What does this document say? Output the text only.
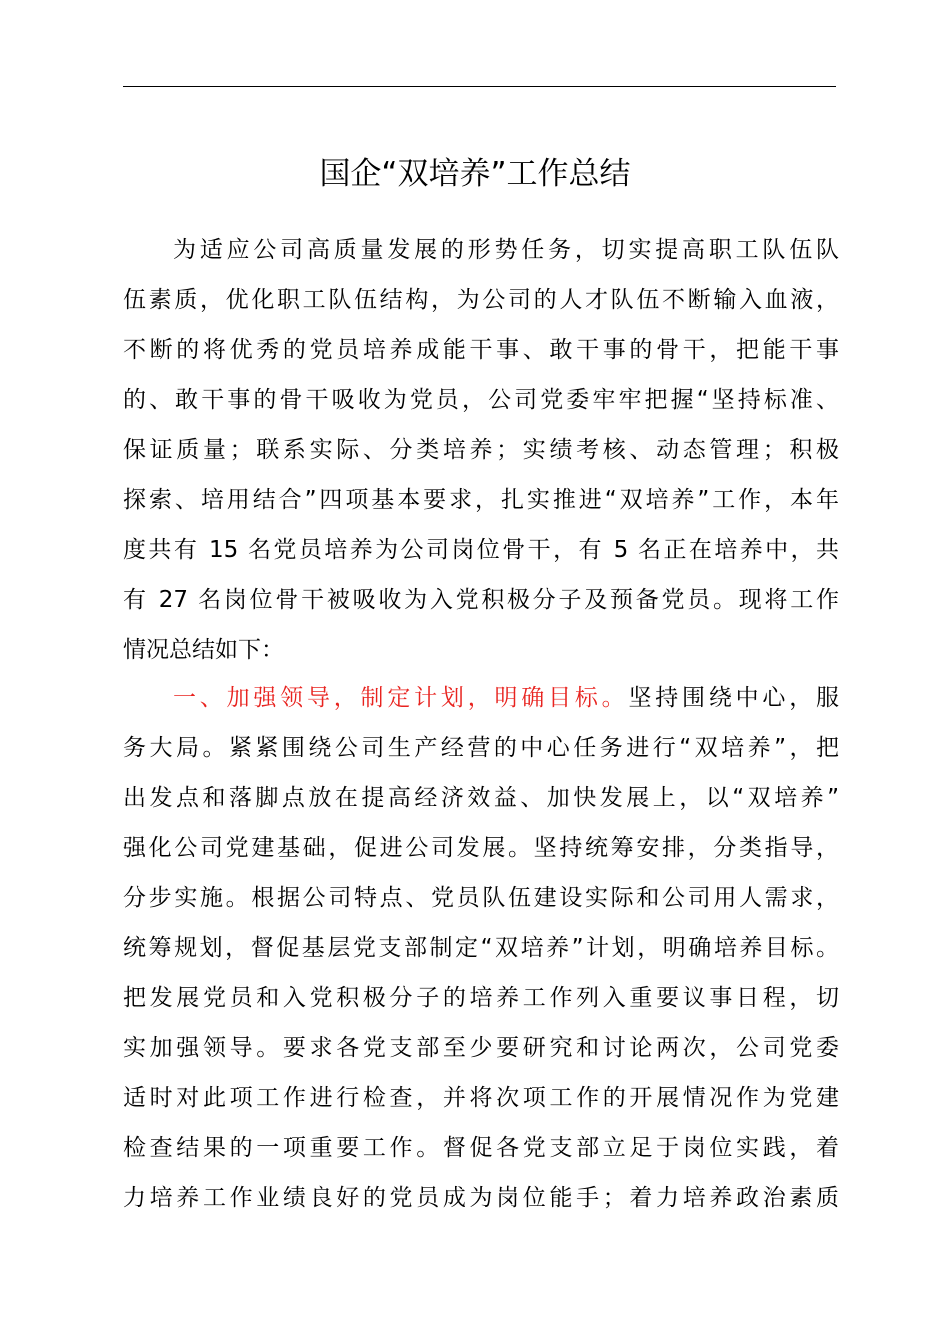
国企“双培养”工作总结
为适应公司高质量发展的形势任务，切实提高职工队伍队
伍素质，优化职工队伍结构，为公司的人才队伍不断输入血液，
不断的将优秀的党员培养成能干事、敢干事的骨干，把能干事
的、敢干事的骨干吸收为党员，公司党委牢牢把握“坚持标准、
保证质量；联系实际、分类培养；实绩考核、动态管理；积极
探索、培用结合”四项基本要求，扎实推进“双培养”工作，本年
度共有 15 名党员培养为公司岗位骨干，有 5 名正在培养中，共
有 27 名岗位骨干被吸收为入党积极分子及预备党员。现将工作
情况总结如下：
一、加强领导，制定计划，明确目标。坚持围绕中心，服
务大局。紧紧围绕公司生产经营的中心任务进行“双培养”，把
出发点和落脚点放在提高经济效益、加快发展上，以“双培养”
强化公司党建基础，促进公司发展。坚持统筹安排，分类指导，
分步实施。根据公司特点、党员队伍建设实际和公司用人需求，
统筹规划，督促基层党支部制定“双培养”计划，明确培养目标。
把发展党员和入党积极分子的培养工作列入重要议事日程，切
实加强领导。要求各党支部至少要研究和讨论两次，公司党委
适时对此项工作进行检查，并将次项工作的开展情况作为党建
检查结果的一项重要工作。督促各党支部立足于岗位实践，着
力培养工作业绩良好的党员成为岗位能手；着力培养政治素质
